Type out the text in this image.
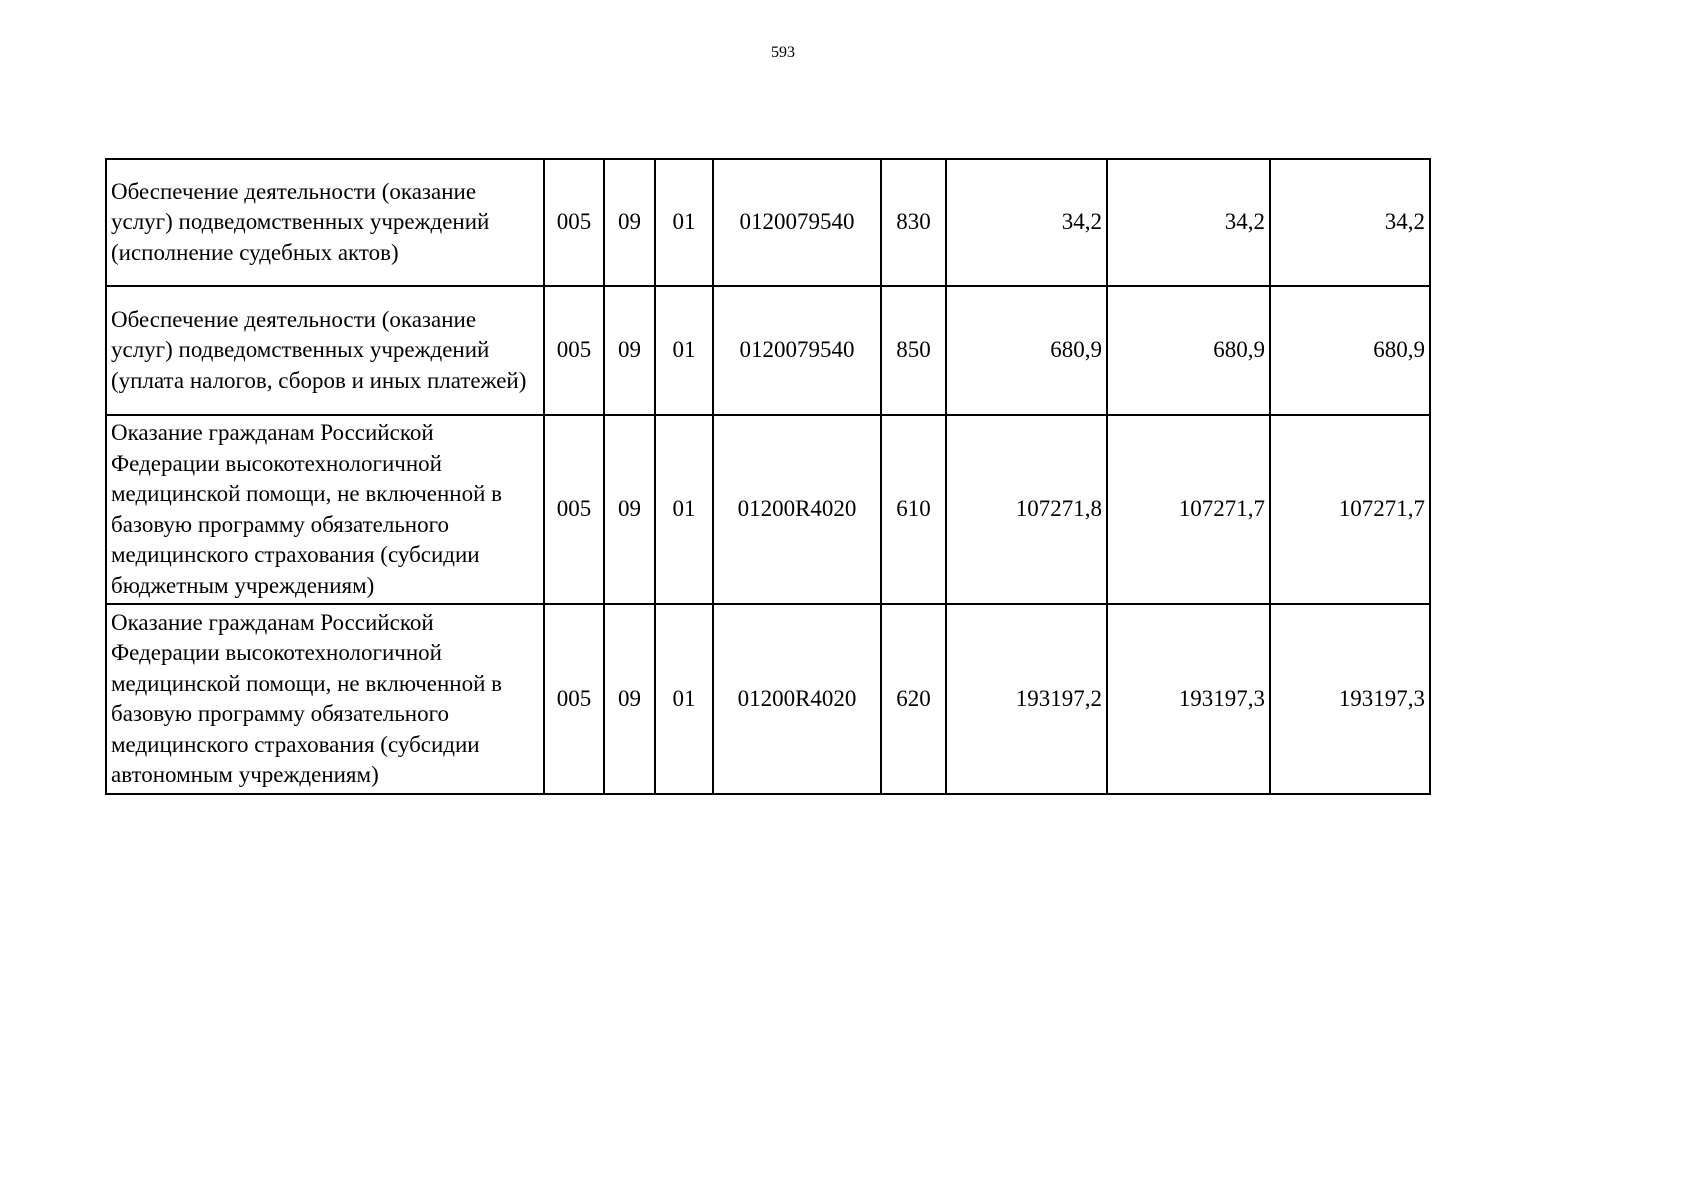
593
Обеспечение деятельности (оказание услуг) подведомственных учреждений (исполнение судебных актов)	005	09	01	0120079540	830	34,2	34,2	34,2
Обеспечение деятельности (оказание услуг) подведомственных учреждений (уплата налогов, сборов и иных платежей)	005	09	01	0120079540	850	680,9	680,9	680,9
Оказание гражданам Российской Федерации высокотехнологичной медицинской помощи, не включенной в базовую программу обязательного медицинского страхования (субсидии бюджетным учреждениям)	005	09	01	01200R4020	610	107271,8	107271,7	107271,7
Оказание гражданам Российской Федерации высокотехнологичной медицинской помощи, не включенной в базовую программу обязательного медицинского страхования (субсидии автономным учреждениям)	005	09	01	01200R4020	620	193197,2	193197,3	193197,3
